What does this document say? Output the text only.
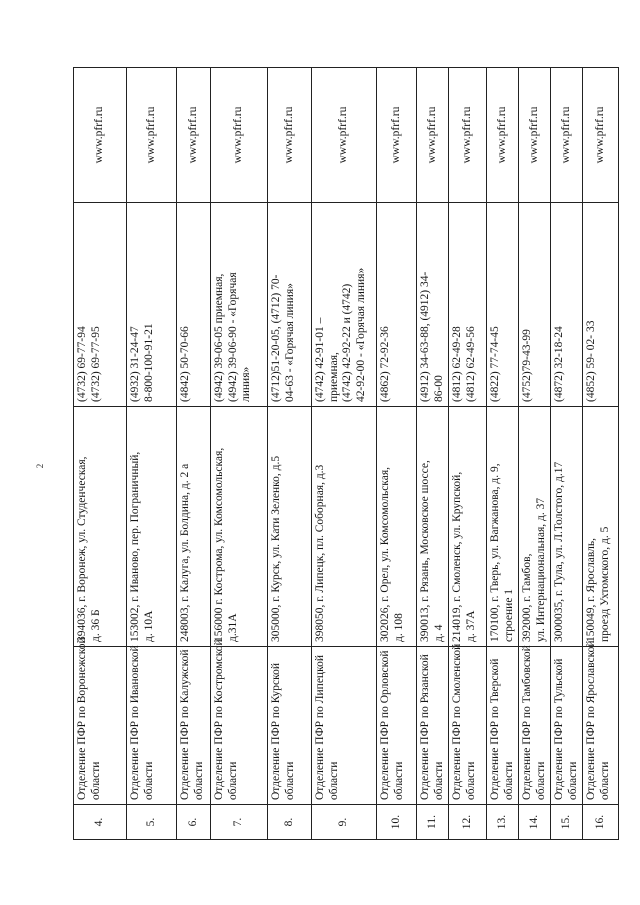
2
4.	Отделение ПФР по Воронежской области	394036, г. Воронеж, ул. Студенческая, д. 36 Б	(4732) 69-77-94 (4732) 69-77-95	www.pfrf.ru
5.	Отделение ПФР по Ивановской области	153002, г. Иваново, пер. Пограничный, д. 10А	(4932) 31-24-47 8-800-100-91-21	www.pfrf.ru
6.	Отделение ПФР по Калужской области	248003, г. Калуга, ул. Болдина, д. 2 а	(4842) 50-70-66	www.pfrf.ru
7.	Отделение ПФР по Костромской области	156000 г. Кострома, ул. Комсомольская, д.31А	(4942) 39-06-05 приемная, (4942) 39-06-90 - «Горячая линия»	www.pfrf.ru
8.	Отделение ПФР по Курской области	305000, г. Курск, ул. Кати Зеленко, д.5	(4712)51-20-05, (4712) 70- 04-63 - «Горячая линия»	www.pfrf.ru
9.	Отделение ПФР по Липецкой области	398050, г. Липецк, пл. Соборная, д.3	(4742) 42-91-01 – приемная, (4742) 42-92-22 и (4742) 42-92-00 - «Горячая линия»	www.pfrf.ru
10.	Отделение ПФР по Орловской области	302026, г. Орел, ул. Комсомольская, д. 108	(4862) 72-92-36	www.pfrf.ru
11.	Отделение ПФР по Рязанской области	390013, г. Рязань, Московское шоссе, д. 4	(4912) 34-63-88, (4912) 34- 86-00	www.pfrf.ru
12.	Отделение ПФР по Смоленской области	214019, г. Смоленск, ул. Крупской, д. 37А	(4812) 62-49-28 (4812) 62-49-56	www.pfrf.ru
13.	Отделение ПФР по Тверской области	170100, г. Тверь, ул. Вагжанова, д. 9, строение 1	(4822) 77-74-45	www.pfrf.ru
14.	Отделение ПФР по Тамбовской области	392000, г. Тамбов, ул. Интернациональная, д. 37	(4752)79-43-99	www.pfrf.ru
15.	Отделение ПФР по Тульской области	3000035, г. Тула, ул. Л.Толстого, д.17	(4872) 32-18-24	www.pfrf.ru
16.	Отделение ПФР по Ярославской области	150049, г. Ярославль, проезд Ухтомского, д. 5	(4852) 59- 02- 33	www.pfrf.ru
